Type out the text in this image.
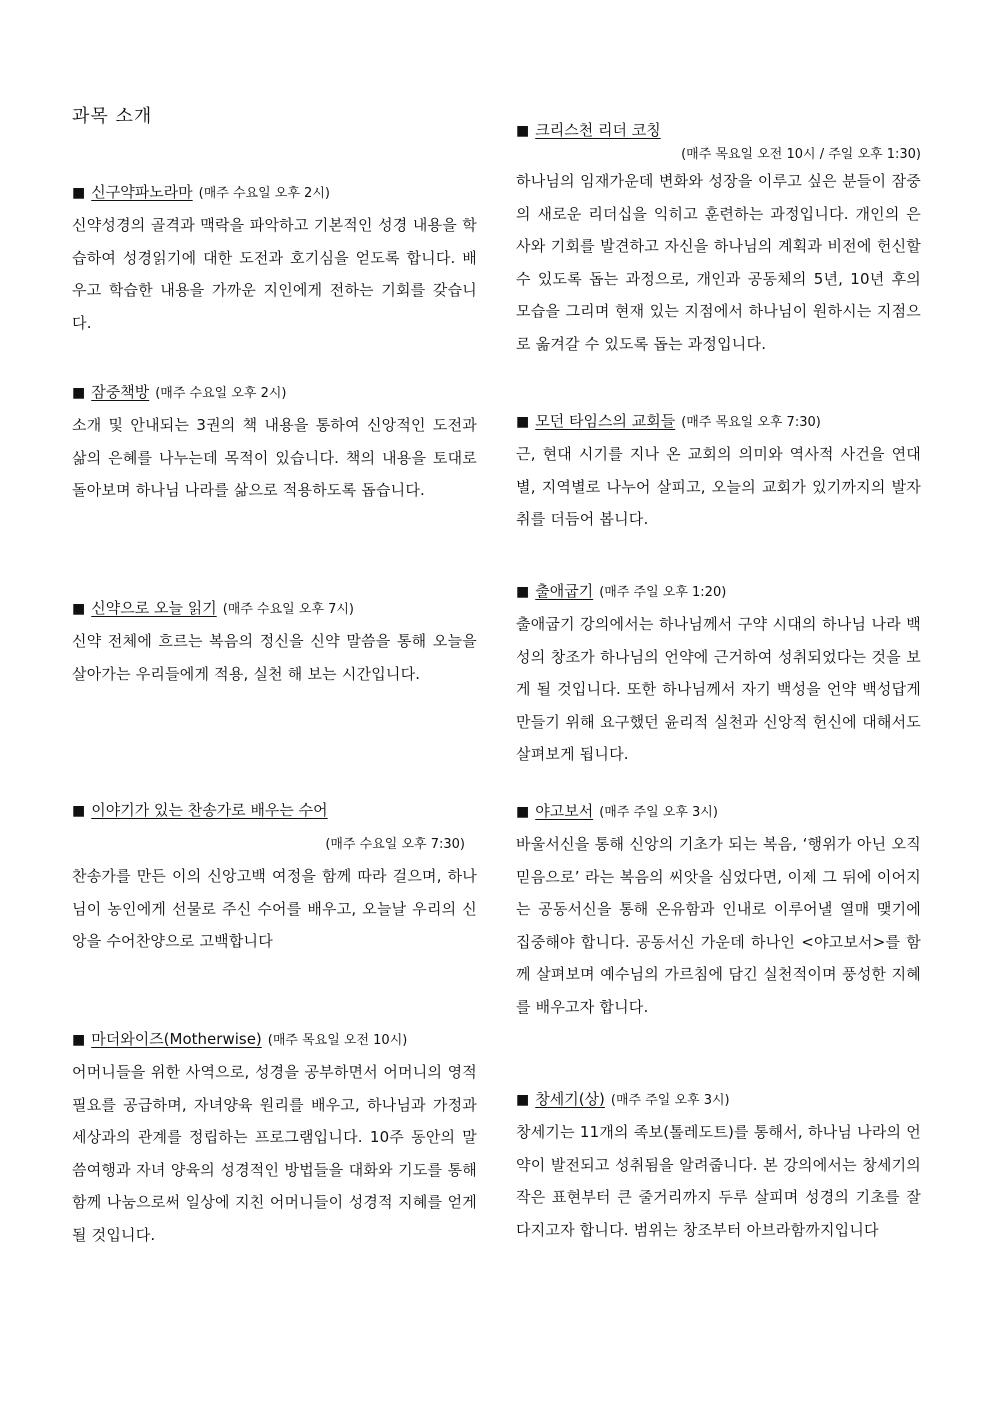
과목 소개
■ 신구약파노라마 (매주 수요일 오후 2시)
신약성경의 골격과 맥락을 파악하고 기본적인 성경 내용을 학습하여 성경읽기에 대한 도전과 호기심을 얻도록 합니다. 배우고 학습한 내용을 가까운 지인에게 전하는 기회를 갖습니다.
■ 잠중책방 (매주 수요일 오후 2시)
소개 및 안내되는 3권의 책 내용을 통하여 신앙적인 도전과 삶의 은혜를 나누는데 목적이 있습니다. 책의 내용을 토대로 돌아보며 하나님 나라를 삶으로 적용하도록 돕습니다.
■ 신약으로 오늘 읽기 (매주 수요일 오후 7시)
신약 전체에 흐르는 복음의 정신을 신약 말씀을 통해 오늘을 살아가는 우리들에게 적용, 실천 해 보는 시간입니다.
■ 이야기가 있는 찬송가로 배우는 수어
(매주 수요일 오후 7:30)
찬송가를 만든 이의 신앙고백 여정을 함께 따라 걸으며, 하나님이 농인에게 선물로 주신 수어를 배우고, 오늘날 우리의 신앙을 수어찬양으로 고백합니다
■ 마더와이즈(Motherwise) (매주 목요일 오전 10시)
어머니들을 위한 사역으로, 성경을 공부하면서 어머니의 영적 필요를 공급하며, 자녀양육 원리를 배우고, 하나님과 가정과 세상과의 관계를 정립하는 프로그램입니다. 10주 동안의 말씀여행과 자녀 양육의 성경적인 방법들을 대화와 기도를 통해 함께 나눔으로써 일상에 지친 어머니들이 성경적 지혜를 얻게 될 것입니다.
■ 크리스천 리더 코칭
(매주 목요일 오전 10시 / 주일 오후 1:30)
하나님의 임재가운데 변화와 성장을 이루고 싶은 분들이 잠중의 새로운 리더십을 익히고 훈련하는 과정입니다. 개인의 은사와 기회를 발견하고 자신을 하나님의 계획과 비전에 헌신할 수 있도록 돕는 과정으로, 개인과 공동체의 5년, 10년 후의 모습을 그리며 현재 있는 지점에서 하나님이 원하시는 지점으로 옮겨갈 수 있도록 돕는 과정입니다.
■ 모던 타임스의 교회들 (매주 목요일 오후 7:30)
근, 현대 시기를 지나 온 교회의 의미와 역사적 사건을 연대별, 지역별로 나누어 살피고, 오늘의 교회가 있기까지의 발자취를 더듬어 봅니다.
■ 출애굽기 (매주 주일 오후 1:20)
출애굽기 강의에서는 하나님께서 구약 시대의 하나님 나라 백성의 창조가 하나님의 언약에 근거하여 성취되었다는 것을 보게 될 것입니다. 또한 하나님께서 자기 백성을 언약 백성답게 만들기 위해 요구했던 윤리적 실천과 신앙적 헌신에 대해서도 살펴보게 됩니다.
■ 야고보서 (매주 주일 오후 3시)
바울서신을 통해 신앙의 기초가 되는 복음, ‘행위가 아닌 오직 믿음으로’ 라는 복음의 씨앗을 심었다면, 이제 그 뒤에 이어지는 공동서신을 통해 온유함과 인내로 이루어낼 열매 맺기에 집중해야 합니다. 공동서신 가운데 하나인 <야고보서>를 함께 살펴보며 예수님의 가르침에 담긴 실천적이며 풍성한 지혜를 배우고자 합니다.
■ 창세기(상) (매주 주일 오후 3시)
창세기는 11개의 족보(톨레도트)를 통해서, 하나님 나라의 언약이 발전되고 성취됨을 알려줍니다. 본 강의에서는 창세기의 작은 표현부터 큰 줄거리까지 두루 살피며 성경의 기초를 잘 다지고자 합니다. 범위는 창조부터 아브라함까지입니다
